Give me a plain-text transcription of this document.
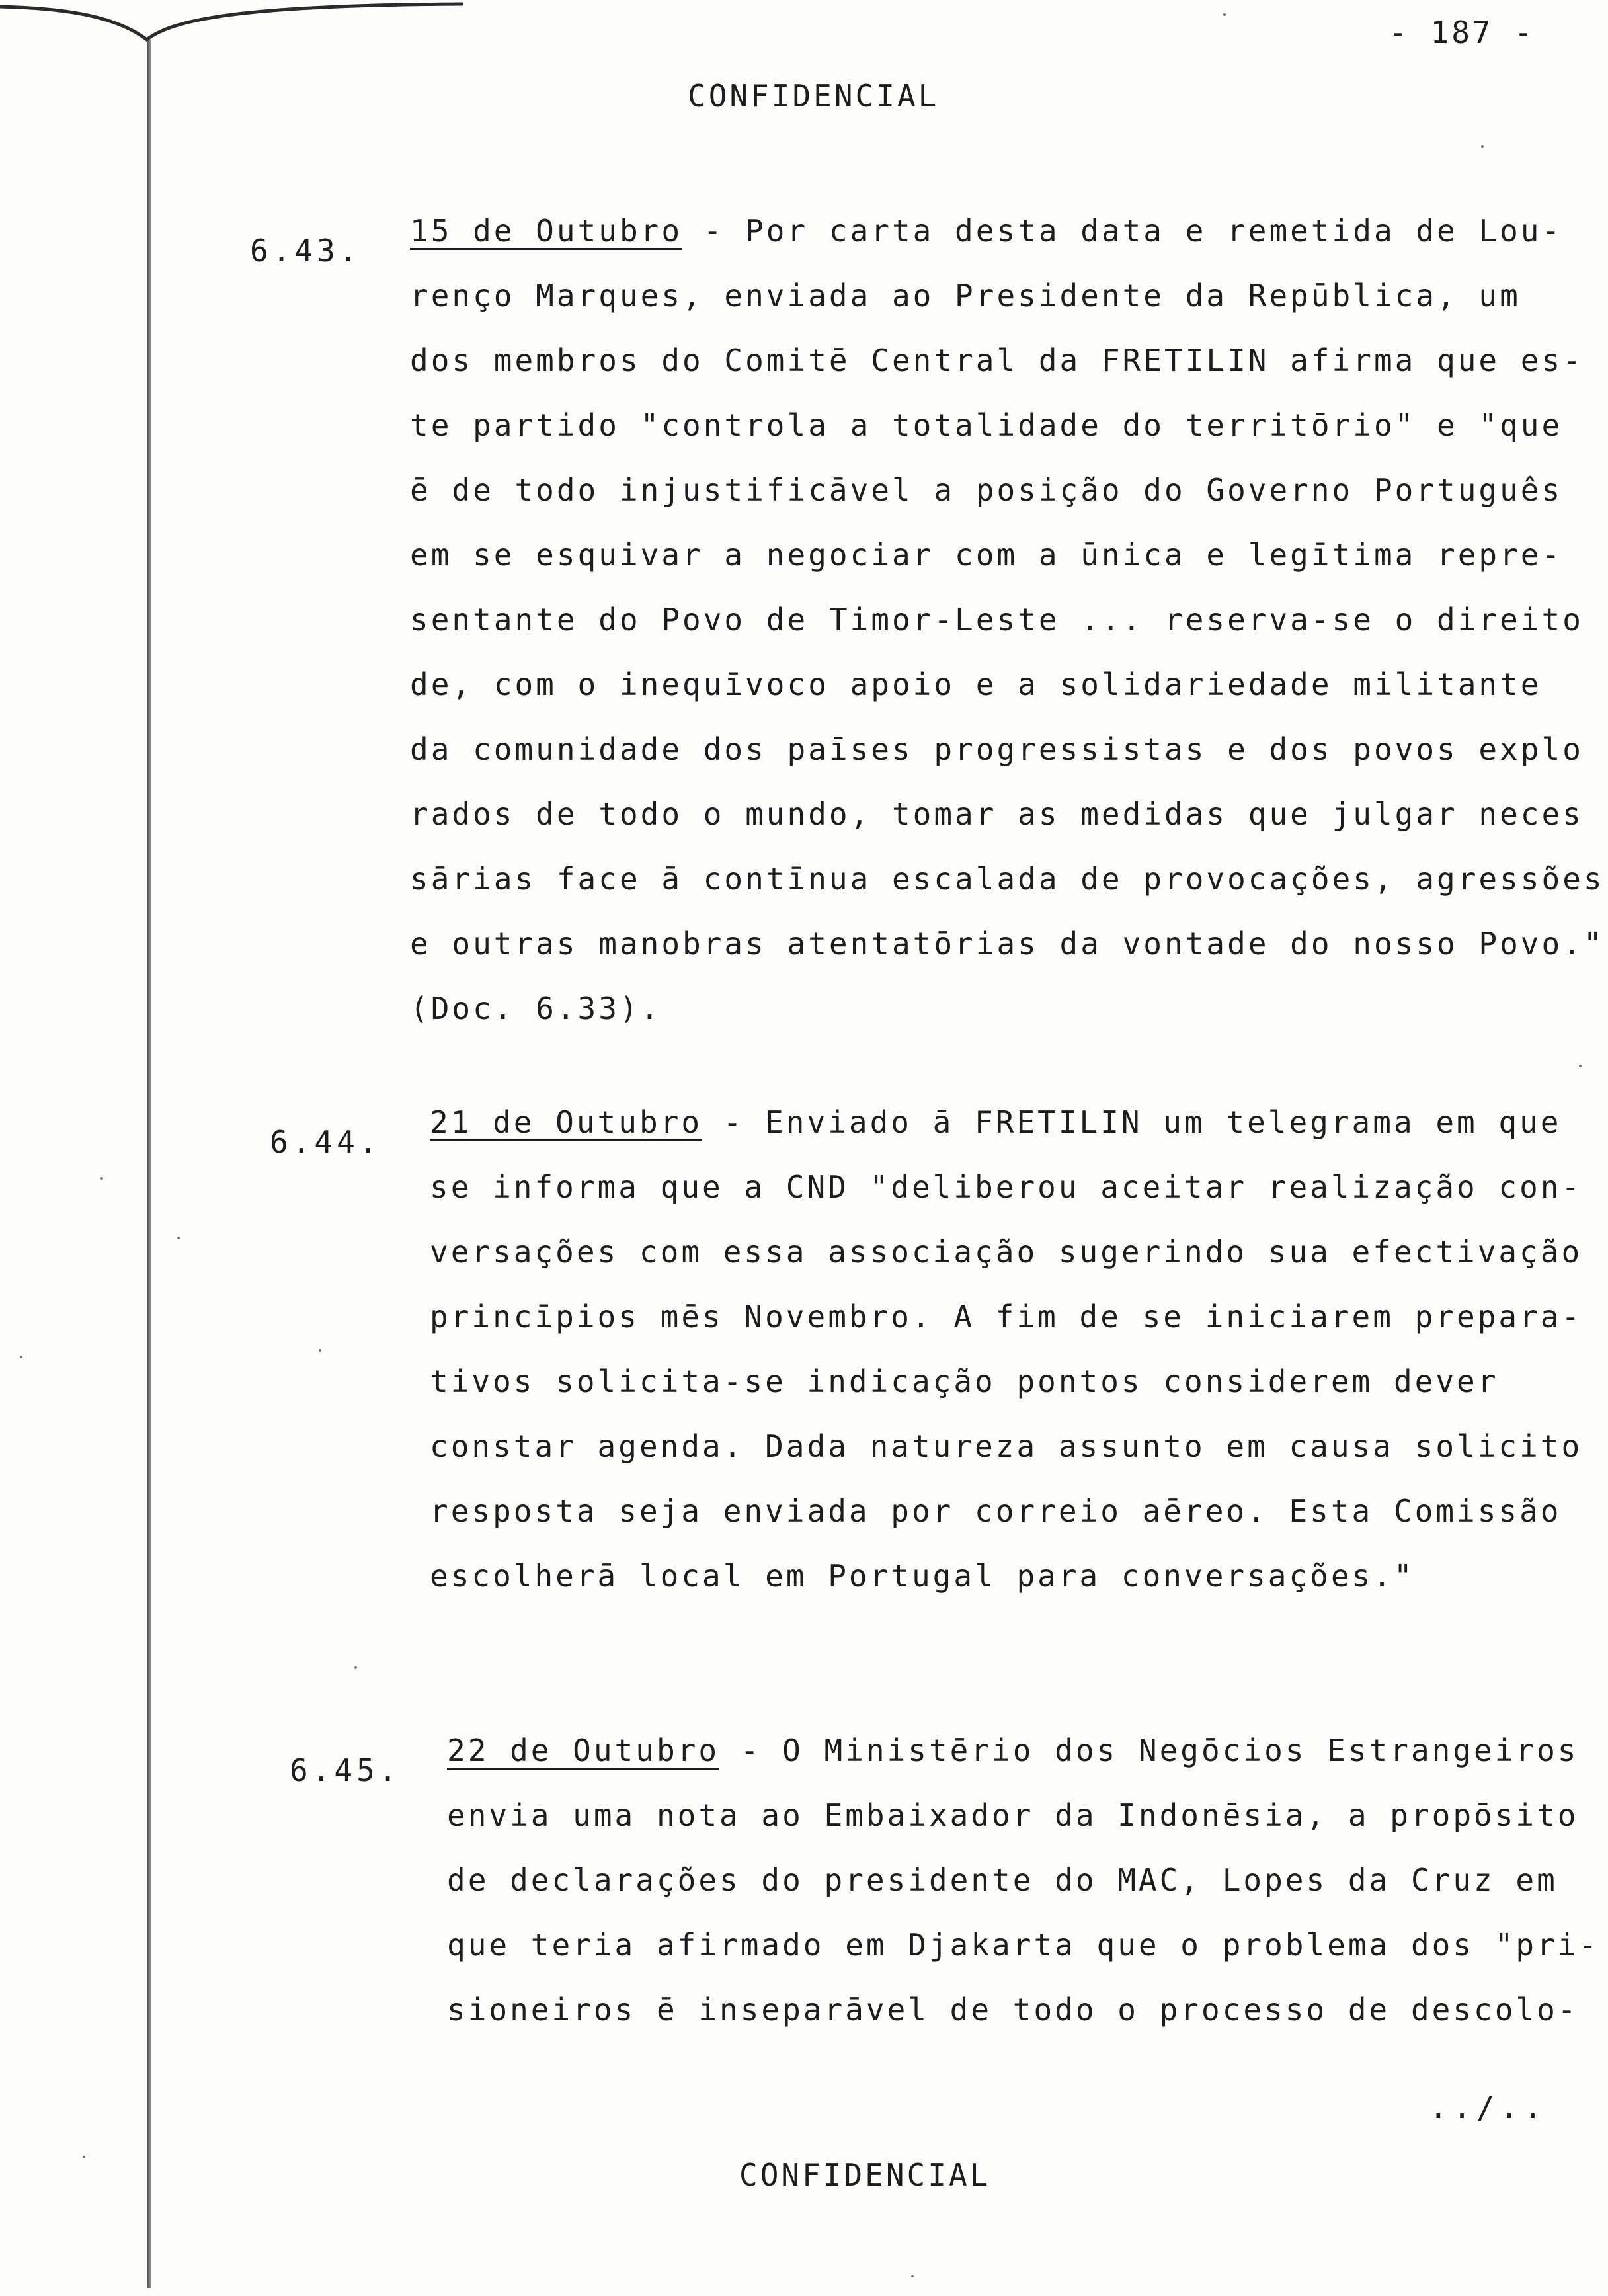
- 187 -
CONFIDENCIAL
6.43.
15 de Outubro - Por carta desta data e remetida de Lou-
renço Marques, enviada ao Presidente da Repūblica, um
dos membros do Comitē Central da FRETILIN afirma que es-
te partido "controla a totalidade do territōrio" e "que
ē de todo injustificāvel a posição do Governo Português
em se esquivar a negociar com a ūnica e legītima repre-
sentante do Povo de Timor-Leste ... reserva-se o direito
de, com o inequīvoco apoio e a solidariedade militante
da comunidade dos paīses progressistas e dos povos explo
rados de todo o mundo, tomar as medidas que julgar neces
sārias face ā contīnua escalada de provocações, agressões
e outras manobras atentatōrias da vontade do nosso Povo."
(Doc. 6.33).
6.44.
21 de Outubro - Enviado ā FRETILIN um telegrama em que
se informa que a CND "deliberou aceitar realização con-
versações com essa associação sugerindo sua efectivação
princīpios mēs Novembro. A fim de se iniciarem prepara-
tivos solicita-se indicação pontos considerem dever
constar agenda. Dada natureza assunto em causa solicito
resposta seja enviada por correio aēreo. Esta Comissão
escolherā local em Portugal para conversações."
6.45.
22 de Outubro - O Ministērio dos Negōcios Estrangeiros
envia uma nota ao Embaixador da Indonēsia, a propōsito
de declarações do presidente do MAC, Lopes da Cruz em
que teria afirmado em Djakarta que o problema dos "pri-
sioneiros ē inseparāvel de todo o processo de descolo-
../..
CONFIDENCIAL
